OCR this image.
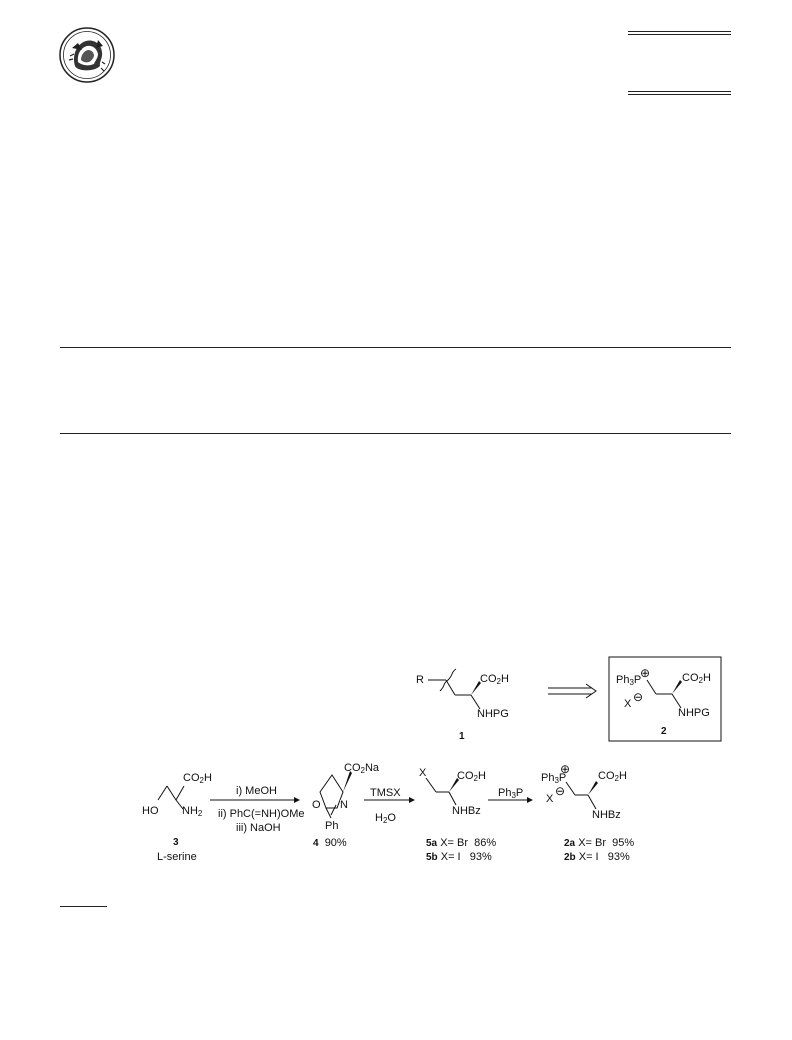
R	$CO_2H$
NHPG
1
$Ph_3P$
⊕
X ⊖
$CO_2H$
NHPG
2
$CO_2H$
HO $NH_2$
3
L-serine
i) MeOH
ii) PhC(=NH)OMe
iii) NaOH
$CO_2Na$
O N
Ph
4 90%
TMSX
$H_2O$
X	$CO_2H$
NHBz
5a X= Br  86%
5b X= I   93%
$Ph_3P$
⊕
$Ph_3P$
X
⊖
$CO_2H$
NHBz
2a X= Br  95%
2b X= I   93%
